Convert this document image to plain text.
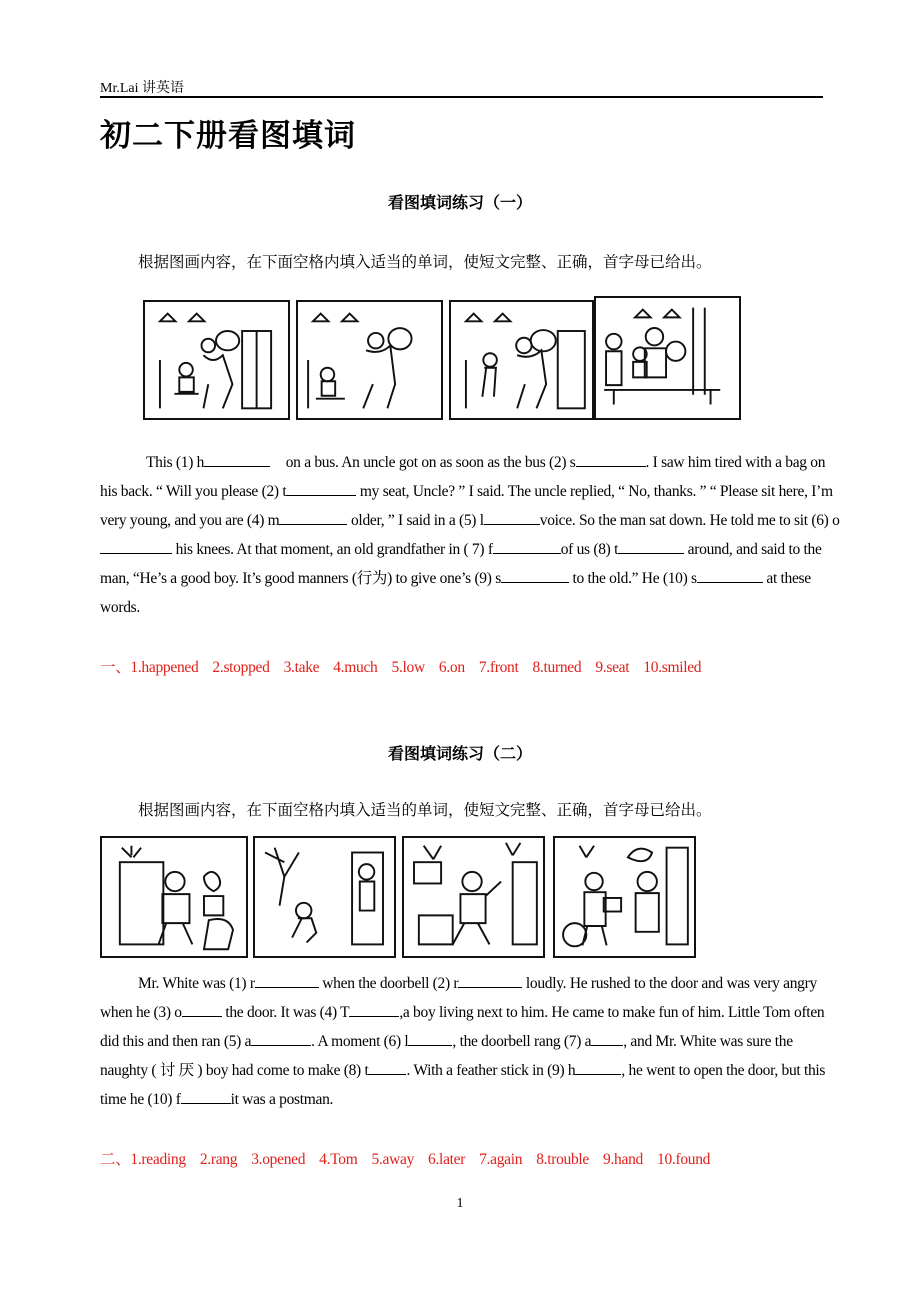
Mr.Lai 讲英语
初二下册看图填词
看图填词练习（一）
根据图画内容，在下面空格内填入适当的单词，使短文完整、正确，首字母已给出。

This (1) h	on a bus. An uncle got on as soon as the bus (2) s	. I saw him tired with a bag on his back. “ Will you please (2) t	my seat, Uncle? ” I said. The uncle replied, “ No, thanks. ” “ Please sit here, I’m very young, and you are (4) m	older, ” I said in a (5) l	voice. So the man sat down. He told me to sit (6) o his knees. At that moment, an old grandfather in ( 7) f	of us (8) t	around, and said to the man, “He’s a good boy. It’s good manners (行为) to give one’s (9) s	to the old.” He (10) s	at these words.

一、1.happened 2.stopped 3.take 4.much 5.low 6.on 7.front 8.turned 9.seat 10.smiled
看图填词练习（二）
根据图画内容，在下面空格内填入适当的单词，使短文完整、正确，首字母已给出。

Mr. White was (1) r	when the doorbell (2) r	loudly. He rushed to the door and was very angry when he (3) o	the door. It was (4) T	,a boy living next to him. He came to make fun of him. Little Tom often did this and then ran (5) a	. A moment (6) l	, the doorbell rang (7) a , and Mr. White was sure the naughty ( 讨 厌 ) boy had come to make (8) t . With a feather stick in (9) h	, he went to open the door, but this time he (10) f	it was a postman.

二、1.reading 2.rang 3.opened 4.Tom 5.away 6.later 7.again 8.trouble 9.hand 10.found
1
